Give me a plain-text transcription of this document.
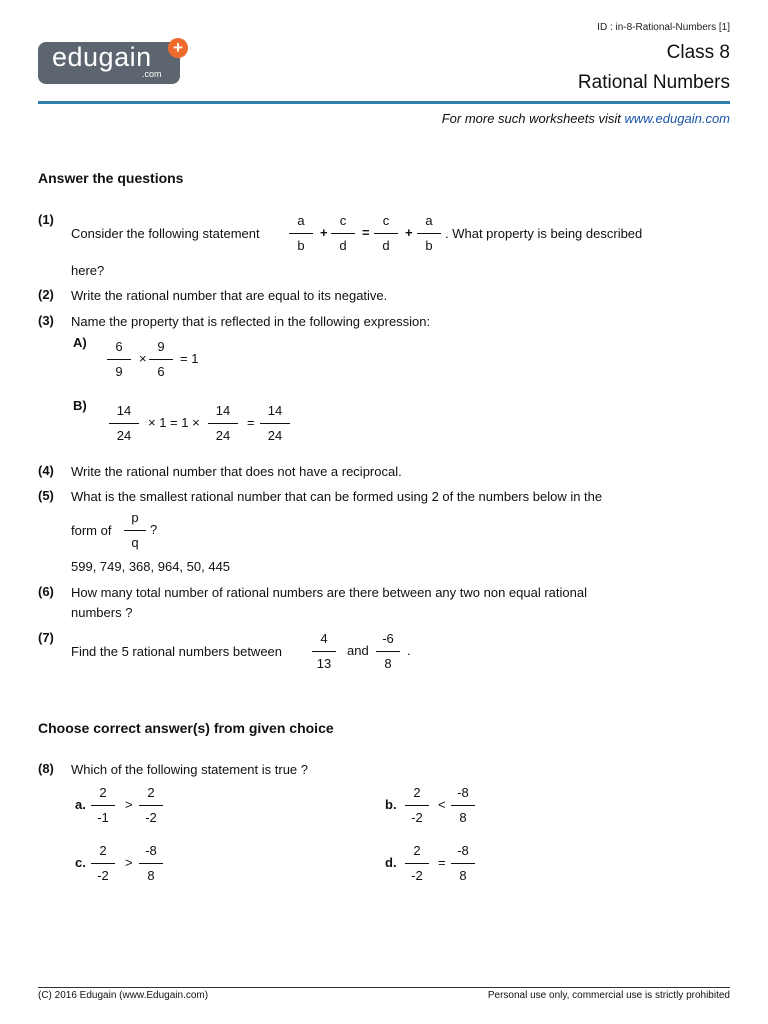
edugain
.com
+
ID : in-8-Rational-Numbers [1]
Class 8
Rational Numbers
For more such worksheets visit www.edugain.com
Answer the questions
(1)
Consider the following statement
a
b
+
c
d
=
c
d
+
a
b
. What property is being described
here?
(2) Write the rational number that are equal to its negative.
(3) Name the property that is reflected in the following expression:
A)	6
9
×
9
6
= 1
B)	14
24
× 1 = 1 ×
14
24
=
14
24
(4) Write the rational number that does not have a reciprocal.
(5) What is the smallest rational number that can be formed using 2 of the numbers below in the
form of
p
q
?
599, 749, 368, 964, 50, 445
(6) How many total number of rational numbers are there between any two non equal rational
numbers ?
(7)
Find the 5 rational numbers between
4
13
and
-6
8
.
Choose correct answer(s) from given choice
(8) Which of the following statement is true ?
a.
2
-1
>
2
-2
b.
2
-2
<
-8
8
c.
2
-2
>
-8
8
d.
2
-2
=
-8
8
(C) 2016 Edugain (www.Edugain.com)	Personal use only, commercial use is strictly prohibited
